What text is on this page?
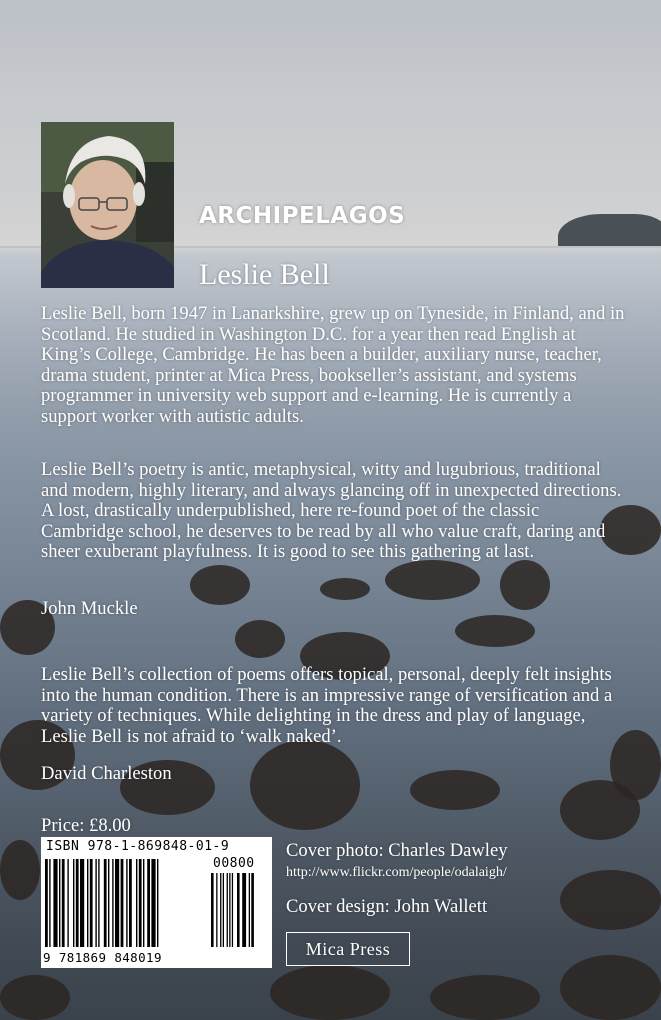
ARCHIPELAGOS
Leslie Bell

Leslie Bell, born 1947 in Lanarkshire, grew up on Tyneside, in Finland, and in Scotland. He studied in Washington D.C. for a year then read English at King’s College, Cambridge. He has been a builder, auxiliary nurse, teacher, drama student, printer at Mica Press, bookseller’s assistant, and systems programmer in university web support and e-learning. He is currently a support worker with autistic adults.

Leslie Bell’s poetry is antic, metaphysical, witty and lugubrious, traditional and modern, highly literary, and always glancing off in unexpected directions. A lost, drastically underpublished, here re-found poet of the classic Cambridge school, he deserves to be read by all who value craft, daring and sheer exuberant playfulness. It is good to see this gathering at last.

John Muckle

Leslie Bell’s collection of poems offers topical, personal, deeply felt insights into the human condition. There is an impressive range of versification and a variety of techniques. While delighting in the dress and play of language, Leslie Bell is not afraid to ‘walk naked’.

David Charleston
Price: £8.00
ISBN 978-1-869848-01-9
00800
9 781869 848019
Cover photo: Charles Dawley
http://www.flickr.com/people/odalaigh/
Cover design: John Wallett
Mica Press
